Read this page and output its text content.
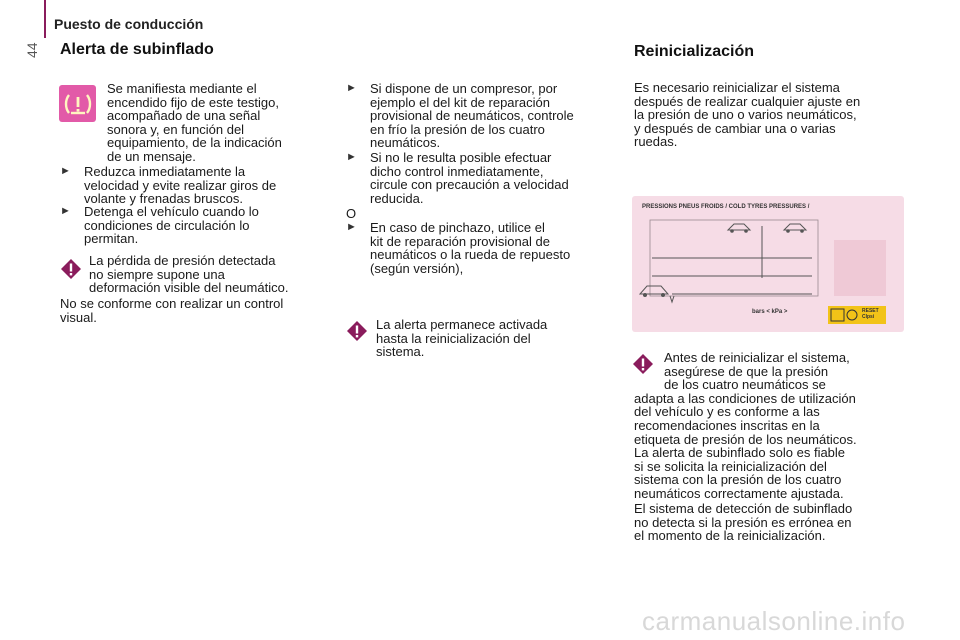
Puesto de conducción
44 Alerta de subinflado
Se manifiesta mediante el
encendido fijo de este testigo,
acompañado de una señal
sonora y, en función del
equipamiento, de la indicación
de un mensaje.
►	Reduzca inmediatamente la
velocidad y evite realizar giros de
volante y frenadas bruscos.
►	Detenga el vehículo cuando lo
condiciones de circulación lo
permitan.
La pérdida de presión detectada
no siempre supone una
deformación visible del neumático.
No se conforme con realizar un control
visual.
►	Si dispone de un compresor, por
ejemplo el del kit de reparación
provisional de neumáticos, controle
en frío la presión de los cuatro
neumáticos.
►	Si no le resulta posible efectuar
dicho control inmediatamente,
circule con precaución a velocidad
reducida.
O
►	En caso de pinchazo, utilice el
kit de reparación provisional de
neumáticos o la rueda de repuesto
(según versión),
La alerta permanece activada
hasta la reinicialización del
sistema.
Reinicialización
Es necesario reinicializar el sistema
después de realizar cualquier ajuste en
la presión de uno o varios neumáticos,
y después de cambiar una o varias
ruedas.
PRESSIONS PNEUS FROIDS / COLD TYRES PRESSURES /
bars < kPa >	RESET
Clpsi
Antes de reinicializar el sistema,
asegúrese de que la presión
de los cuatro neumáticos se
adapta a las condiciones de utilización
del vehículo y es conforme a las
recomendaciones inscritas en la
etiqueta de presión de los neumáticos.
La alerta de subinflado solo es fiable
si se solicita la reinicialización del
sistema con la presión de los cuatro
neumáticos correctamente ajustada.
El sistema de detección de subinflado
no detecta si la presión es errónea en
el momento de la reinicialización.
carmanualsonline.info
